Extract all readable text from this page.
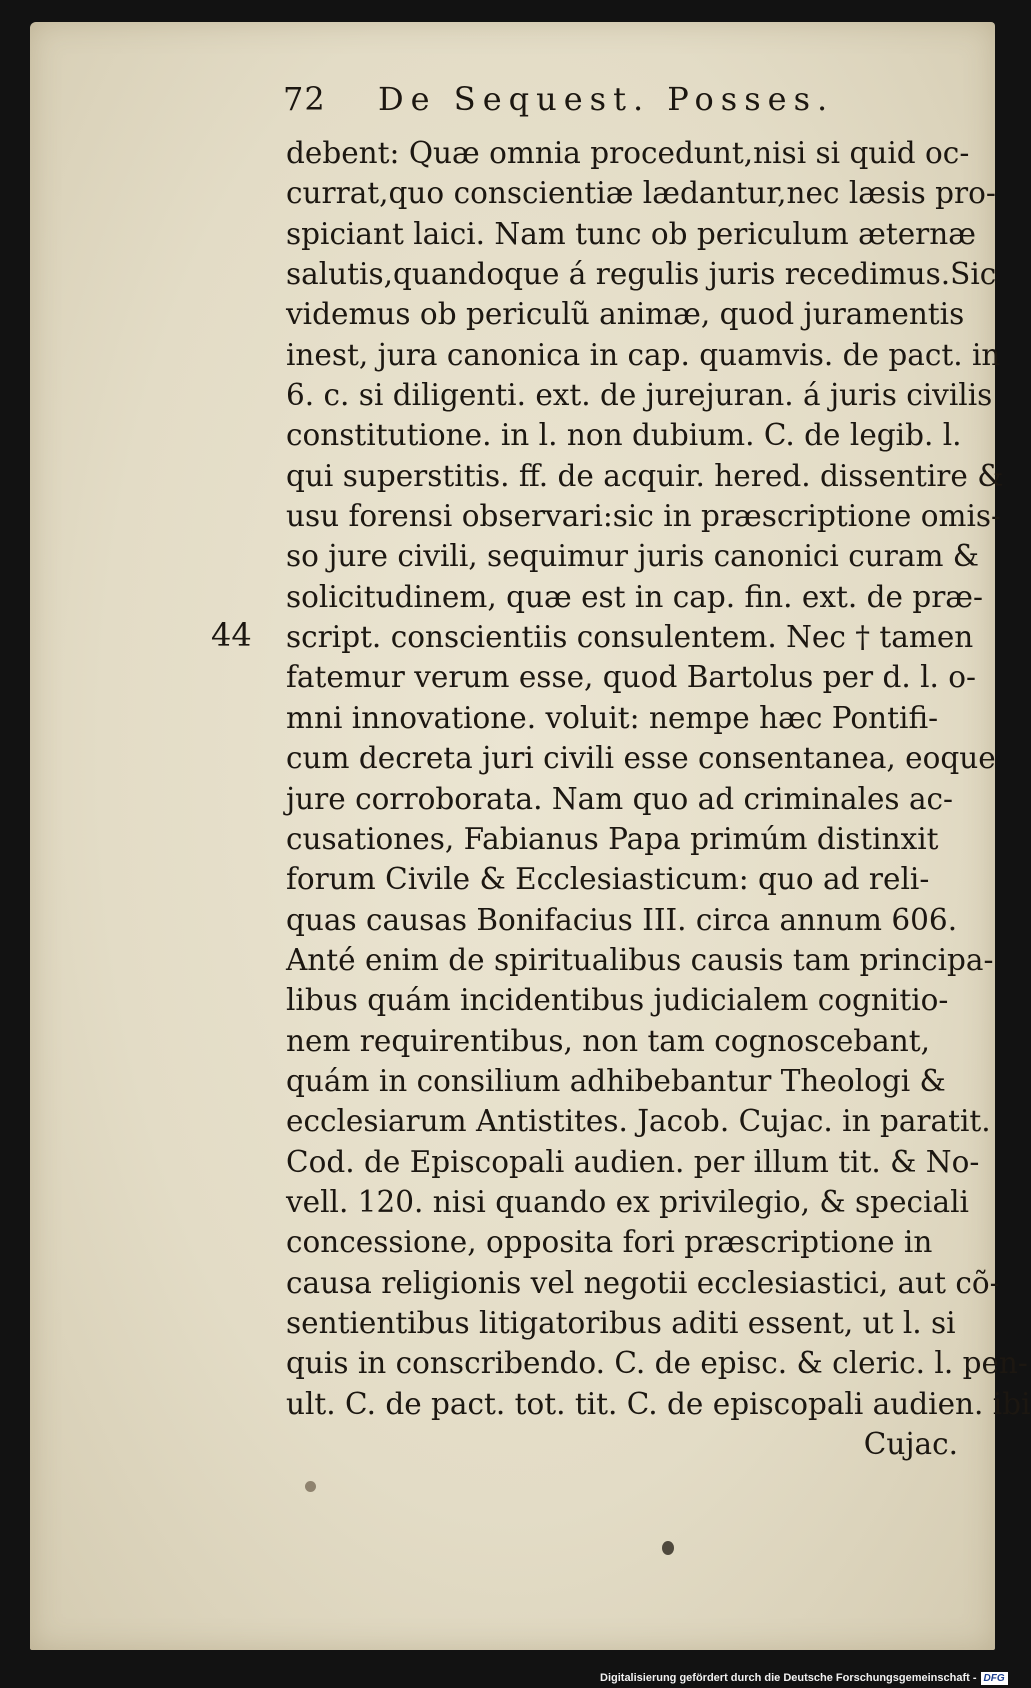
72 De Sequest. Posses.
44
debent: Quæ omnia procedunt,nisi si quid oc-
currat,quo conscientiæ lædantur,nec læsis pro-
spiciant laici. Nam tunc ob periculum æternæ
salutis,quandoque á regulis juris recedimus.Sic
videmus ob periculũ animæ, quod juramentis
inest, jura canonica in cap. quamvis. de pact. in
6. c. si diligenti. ext. de jurejuran. á juris civilis
constitutione. in l. non dubium. C. de legib. l.
qui superstitis. ff. de acquir. hered. dissentire &
usu forensi observari:sic in præscriptione omis-
so jure civili, sequimur juris canonici curam &
solicitudinem, quæ est in cap. fin. ext. de præ-
script. conscientiis consulentem. Nec † tamen
fatemur verum esse, quod Bartolus per d. l. o-
mni innovatione. voluit: nempe hæc Pontifi-
cum decreta juri civili esse consentanea, eoque
jure corroborata. Nam quo ad criminales ac-
cusationes, Fabianus Papa primúm distinxit
forum Civile & Ecclesiasticum: quo ad reli-
quas causas Bonifacius III. circa annum 606.
Anté enim de spiritualibus causis tam principa-
libus quám incidentibus judicialem cognitio-
nem requirentibus, non tam cognoscebant,
quám in consilium adhibebantur Theologi &
ecclesiarum Antistites. Jacob. Cujac. in paratit.
Cod. de Episcopali audien. per illum tit. & No-
vell. 120. nisi quando ex privilegio, & speciali
concessione, opposita fori præscriptione in
causa religionis vel negotii ecclesiastici, aut cõ-
sentientibus litigatoribus aditi essent, ut l. si
quis in conscribendo. C. de episc. & cleric. l. pen-
ult. C. de pact. tot. tit. C. de episcopali audien. ibi
Cujac.
Digitalisierung gefördert durch die Deutsche Forschungsgemeinschaft - DFG
